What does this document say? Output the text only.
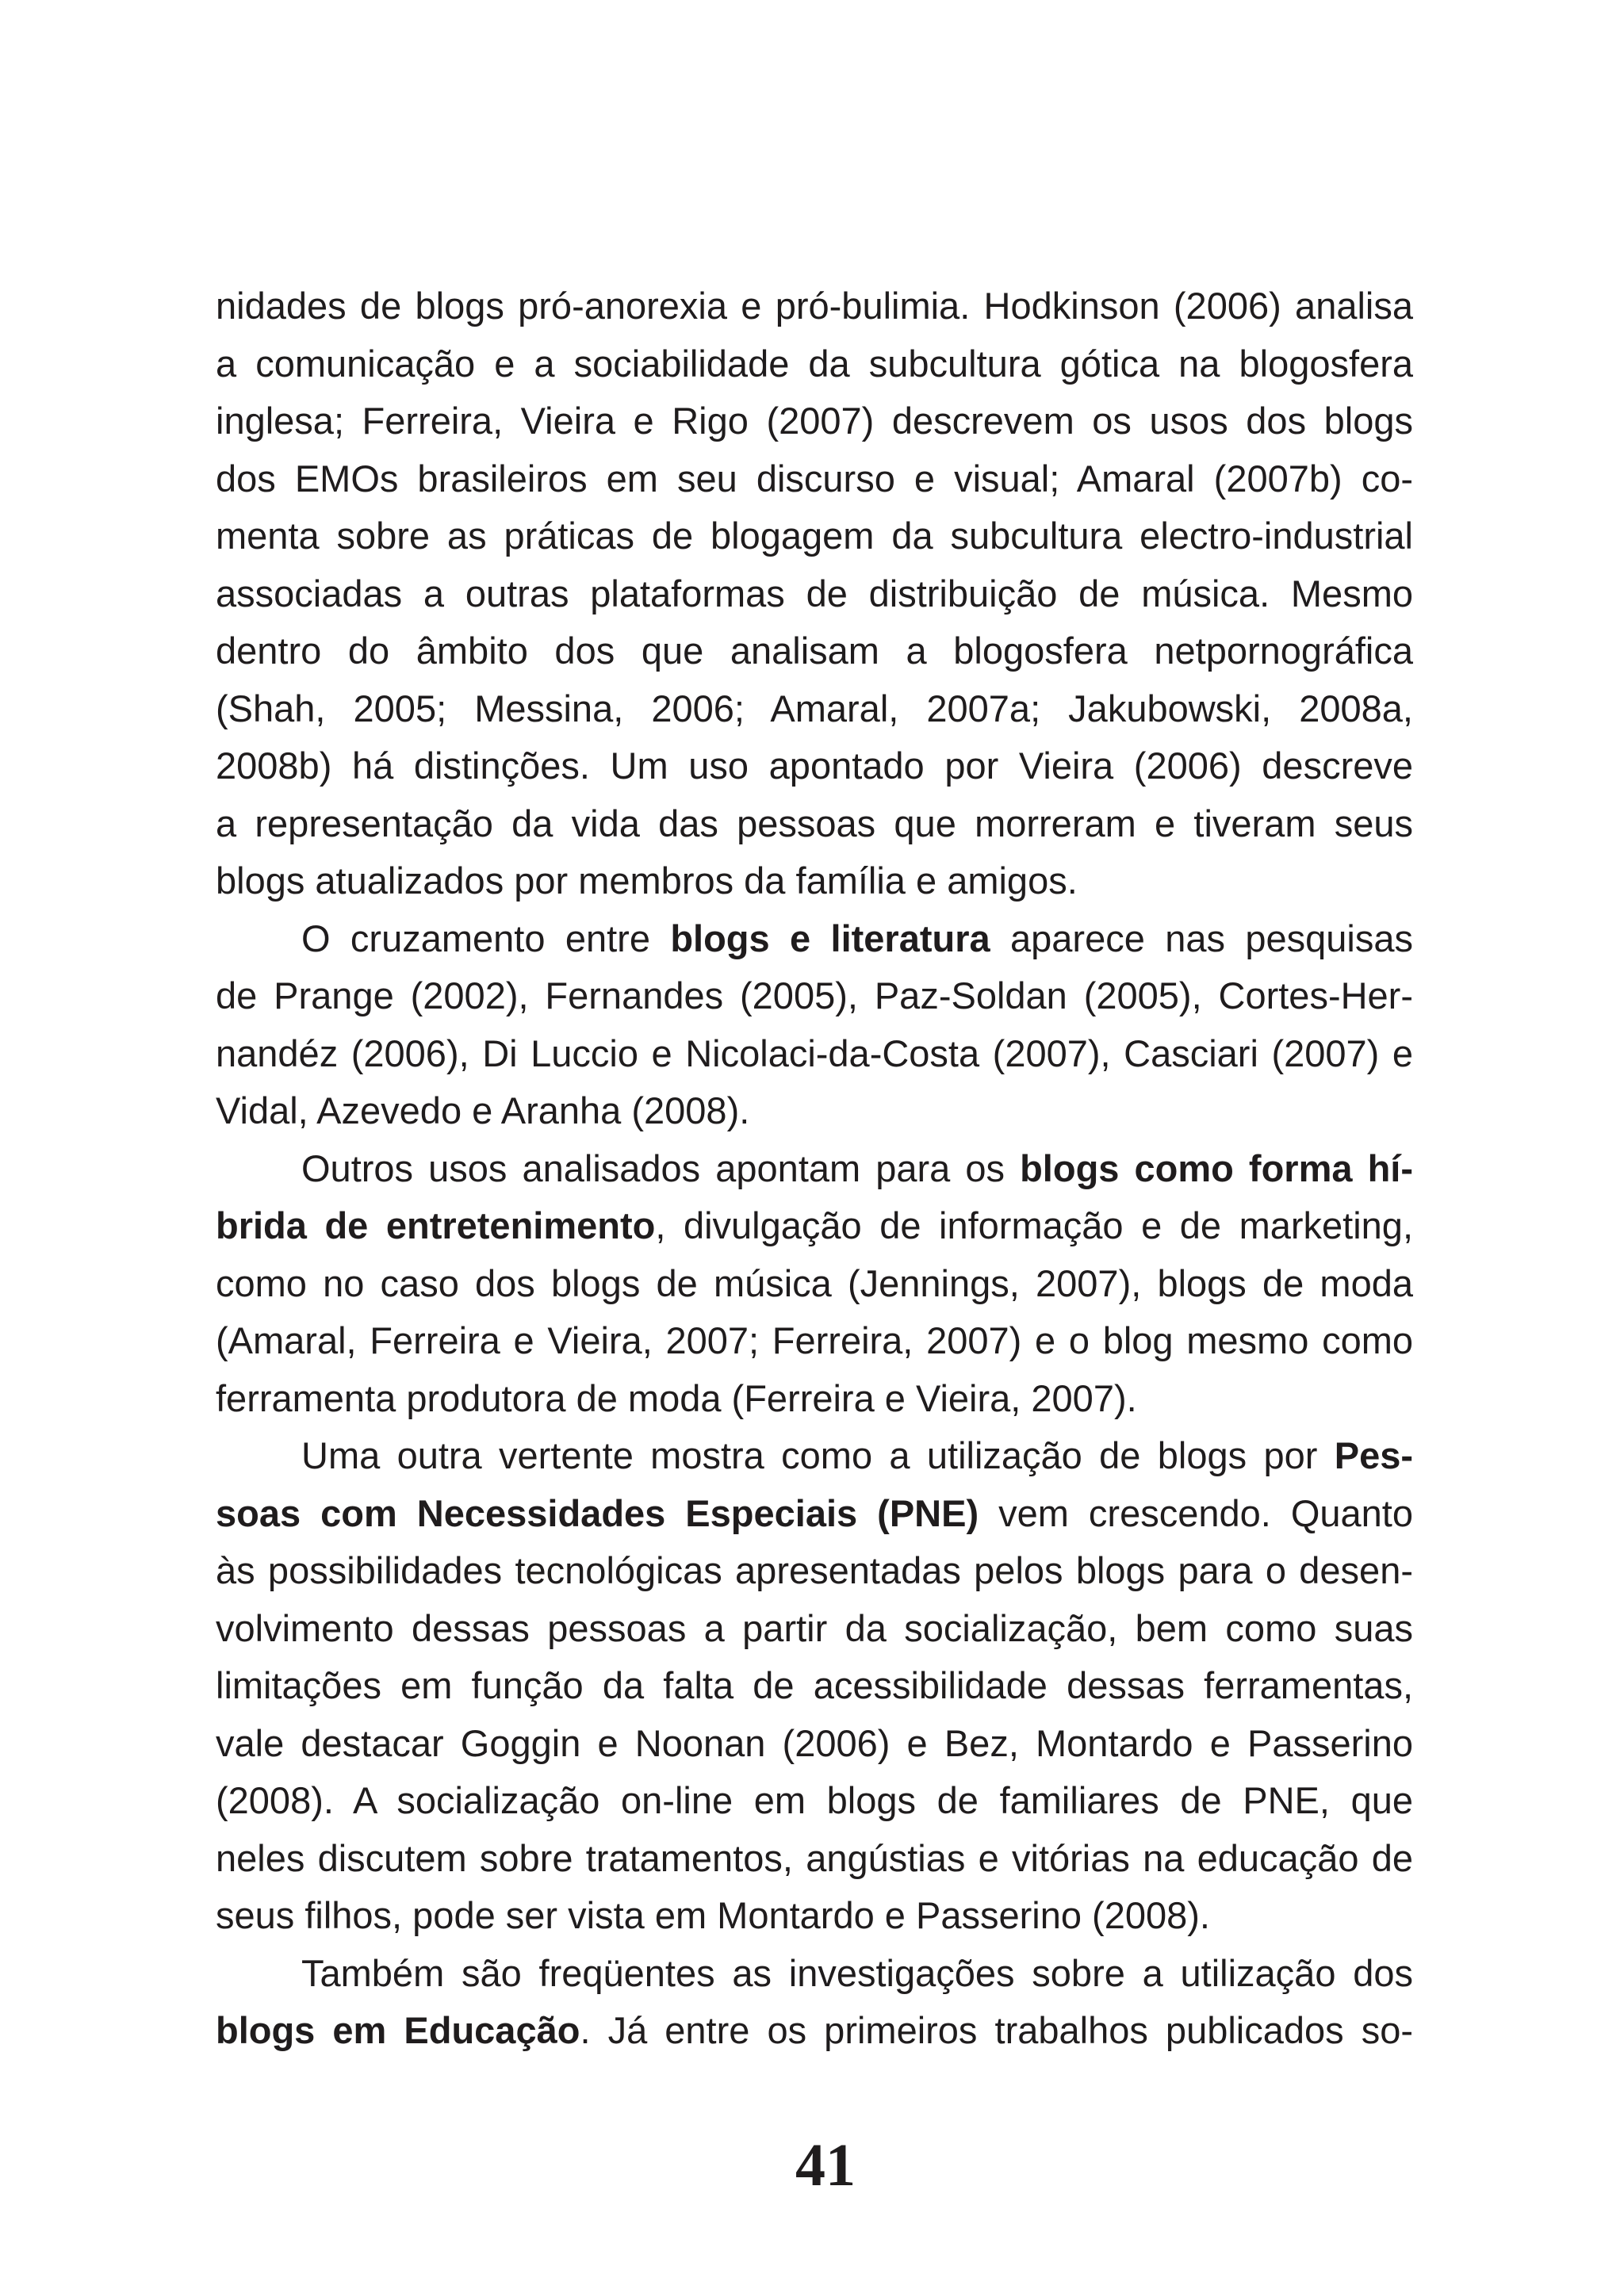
nidades de blogs pró-anorexia e pró-bulimia. Hodkinson (2006) analisa
a comunicação e a sociabilidade da subcultura gótica na blogosfera
inglesa; Ferreira, Vieira e Rigo (2007) descrevem os usos dos blogs
dos EMOs brasileiros em seu discurso e visual; Amaral (2007b) co-
menta sobre as práticas de blogagem da subcultura electro-industrial
associadas a outras plataformas de distribuição de música. Mesmo
dentro do âmbito dos que analisam a blogosfera netpornográfica
(Shah, 2005; Messina, 2006; Amaral, 2007a; Jakubowski, 2008a,
2008b) há distinções. Um uso apontado por Vieira (2006) descreve
a representação da vida das pessoas que morreram e tiveram seus
blogs atualizados por membros da família e amigos.
O cruzamento entre blogs e literatura aparece nas pesquisas
de Prange (2002), Fernandes (2005), Paz-Soldan (2005), Cortes-Her-
nandéz (2006), Di Luccio e Nicolaci-da-Costa (2007), Casciari (2007) e
Vidal, Azevedo e Aranha (2008).
Outros usos analisados apontam para os blogs como forma hí-
brida de entretenimento, divulgação de informação e de marketing,
como no caso dos blogs de música (Jennings, 2007), blogs de moda
(Amaral, Ferreira e Vieira, 2007; Ferreira, 2007) e o blog mesmo como
ferramenta produtora de moda (Ferreira e Vieira, 2007).
Uma outra vertente mostra como a utilização de blogs por Pes-
soas com Necessidades Especiais (PNE) vem crescendo. Quanto
às possibilidades tecnológicas apresentadas pelos blogs para o desen-
volvimento dessas pessoas a partir da socialização, bem como suas
limitações em função da falta de acessibilidade dessas ferramentas,
vale destacar Goggin e Noonan (2006) e Bez, Montardo e Passerino
(2008). A socialização on-line em blogs de familiares de PNE, que
neles discutem sobre tratamentos, angústias e vitórias na educação de
seus filhos, pode ser vista em Montardo e Passerino (2008).
Também são freqüentes as investigações sobre a utilização dos
blogs em Educação. Já entre os primeiros trabalhos publicados so-
41
